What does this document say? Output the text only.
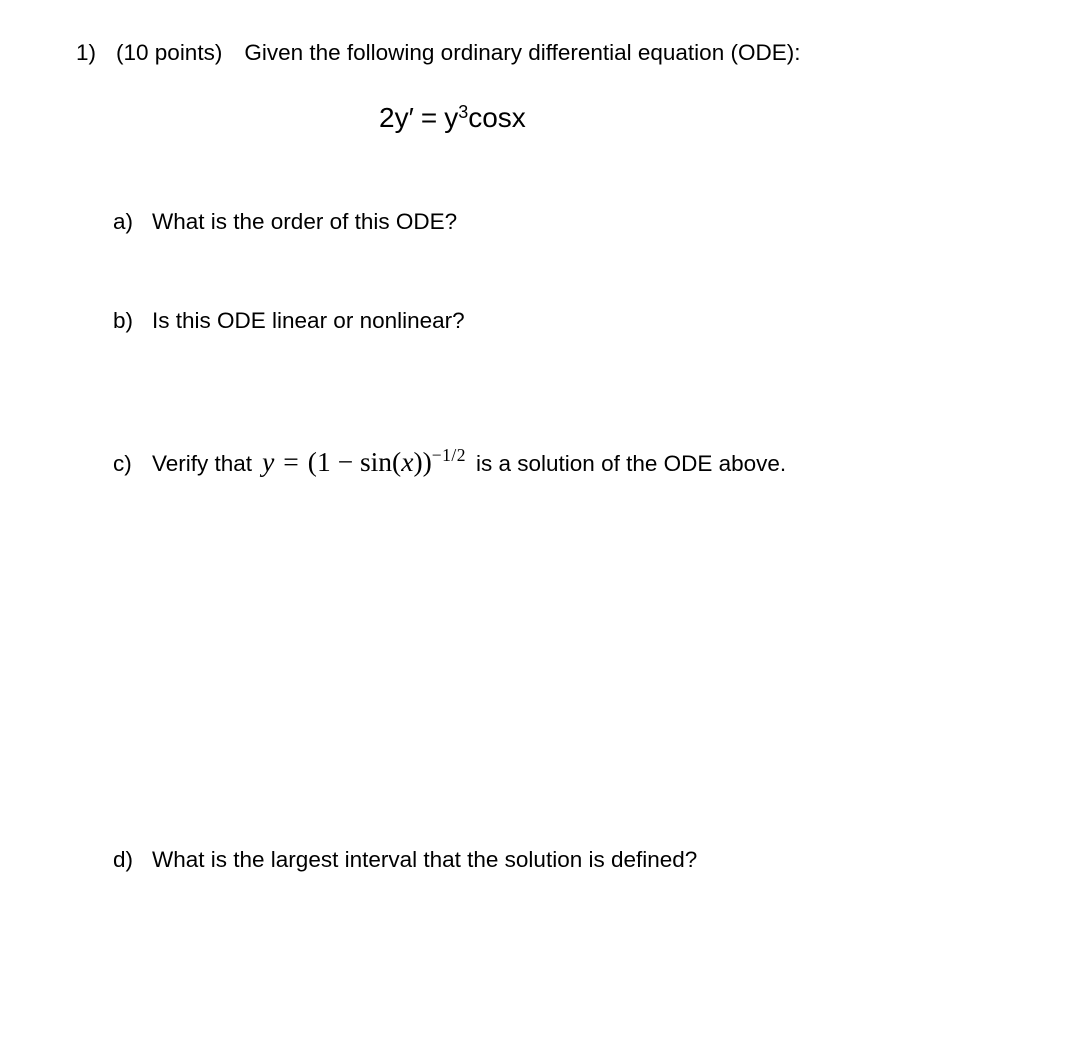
1) (10 points) Given the following ordinary differential equation (ODE):
$2y' = y^3\cos x$
a) What is the order of this ODE?
b) Is this ODE linear or nonlinear?
c) Verify that $y = (1 - \sin(x))^{-1/2}$ is a solution of the ODE above.
d) What is the largest interval that the solution is defined?
